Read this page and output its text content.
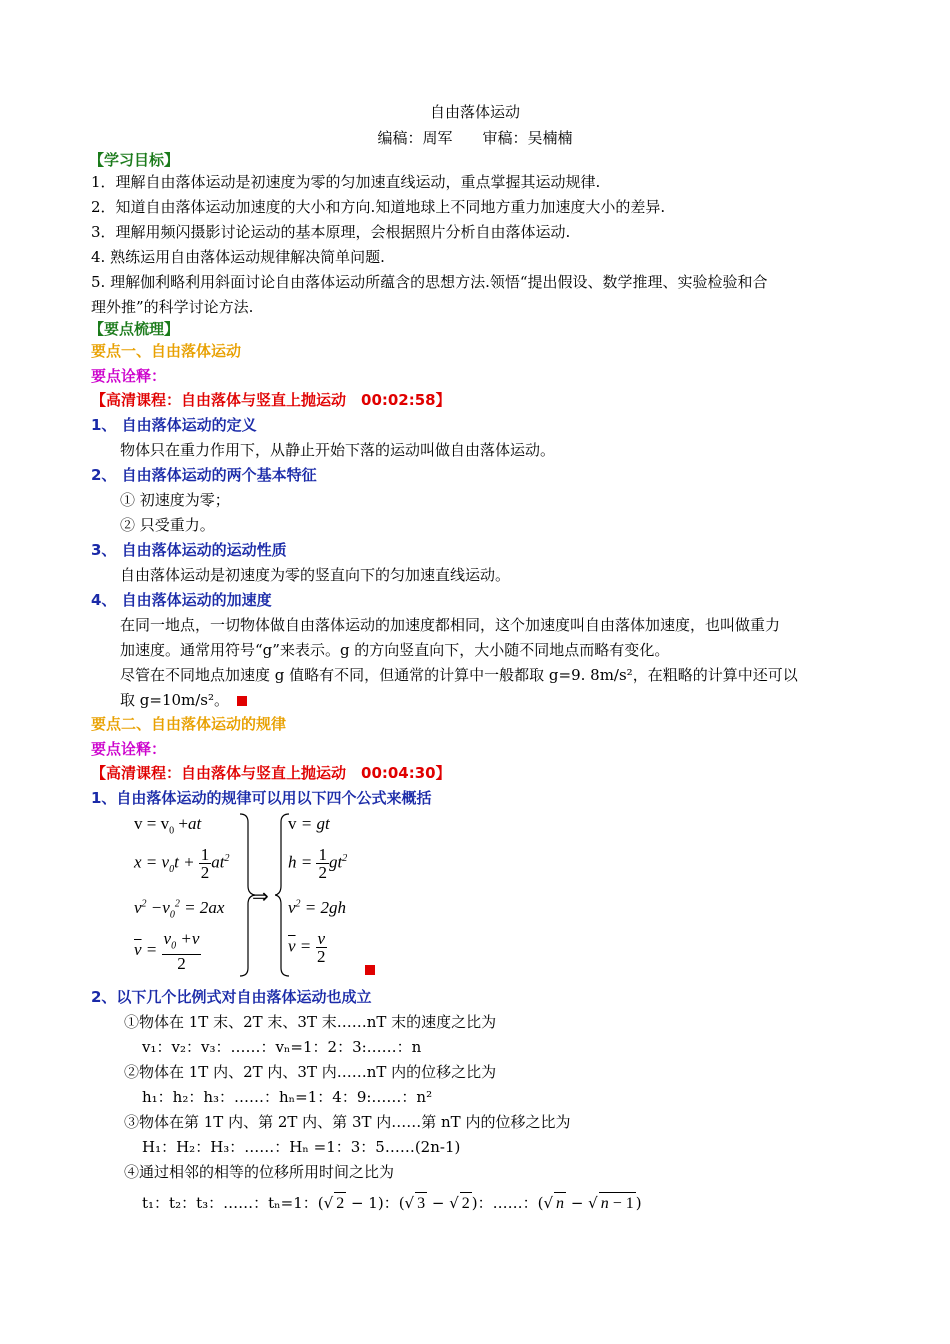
自由落体运动
编稿：周军　　审稿：吴楠楠
【学习目标】
1．理解自由落体运动是初速度为零的匀加速直线运动，重点掌握其运动规律.
2．知道自由落体运动加速度的大小和方向.知道地球上不同地方重力加速度大小的差异.
3．理解用频闪摄影讨论运动的基本原理，会根据照片分析自由落体运动.
4. 熟练运用自由落体运动规律解决简单问题.
5. 理解伽利略利用斜面讨论自由落体运动所蕴含的思想方法.领悟“提出假设、数学推理、实验检验和合
理外推”的科学讨论方法.
【要点梳理】
要点一、自由落体运动
要点诠释：
【高清课程：自由落体与竖直上抛运动　00:02:58】
1、 自由落体运动的定义
物体只在重力作用下，从静止开始下落的运动叫做自由落体运动。
2、 自由落体运动的两个基本特征
① 初速度为零；
② 只受重力。
3、 自由落体运动的运动性质
自由落体运动是初速度为零的竖直向下的匀加速直线运动。
4、 自由落体运动的加速度
在同一地点，一切物体做自由落体运动的加速度都相同，这个加速度叫自由落体加速度，也叫做重力
加速度。通常用符号“g”来表示。g 的方向竖直向下，大小随不同地点而略有变化。
尽管在不同地点加速度 g 值略有不同，但通常的计算中一般都取 g=9. 8m/s²，在粗略的计算中还可以
取 g=10m/s²。
要点二、自由落体运动的规律
要点诠释：
【高清课程：自由落体与竖直上抛运动　00:04:30】
1、自由落体运动的规律可以用以下四个公式来概括
$v = v_0 +at$
$x = v_0t + \frac{1}{2} at^2$
$v^2 -v_0^2 = 2ax$
$\overline{v} = \frac{v_0 +v}{2}$
⇒
v = gt
$h = \frac{1}{2} gt^2$
$v^2 = 2gh$
$\overline{v} = \frac{v}{2}$
2、以下几个比例式对自由落体运动也成立
①物体在 1T 末、2T 末、3T 末……nT 末的速度之比为
v₁：v₂：v₃：……：vₙ=1：2：3:……：n
②物体在 1T 内、2T 内、3T 内……nT 内的位移之比为
h₁：h₂：h₃：……：hₙ=1：4：9:……：n²
③物体在第 1T 内、第 2T 内、第 3T 内……第 nT 内的位移之比为
H₁：H₂：H₃：……：Hₙ =1：3：5……(2n-1)
④通过相邻的相等的位移所用时间之比为
t₁：t₂：t₃：……：tₙ=1：(√ 2 − 1)：(√ 3 − √ 2 )：……：(√ n − √ n − 1 )
